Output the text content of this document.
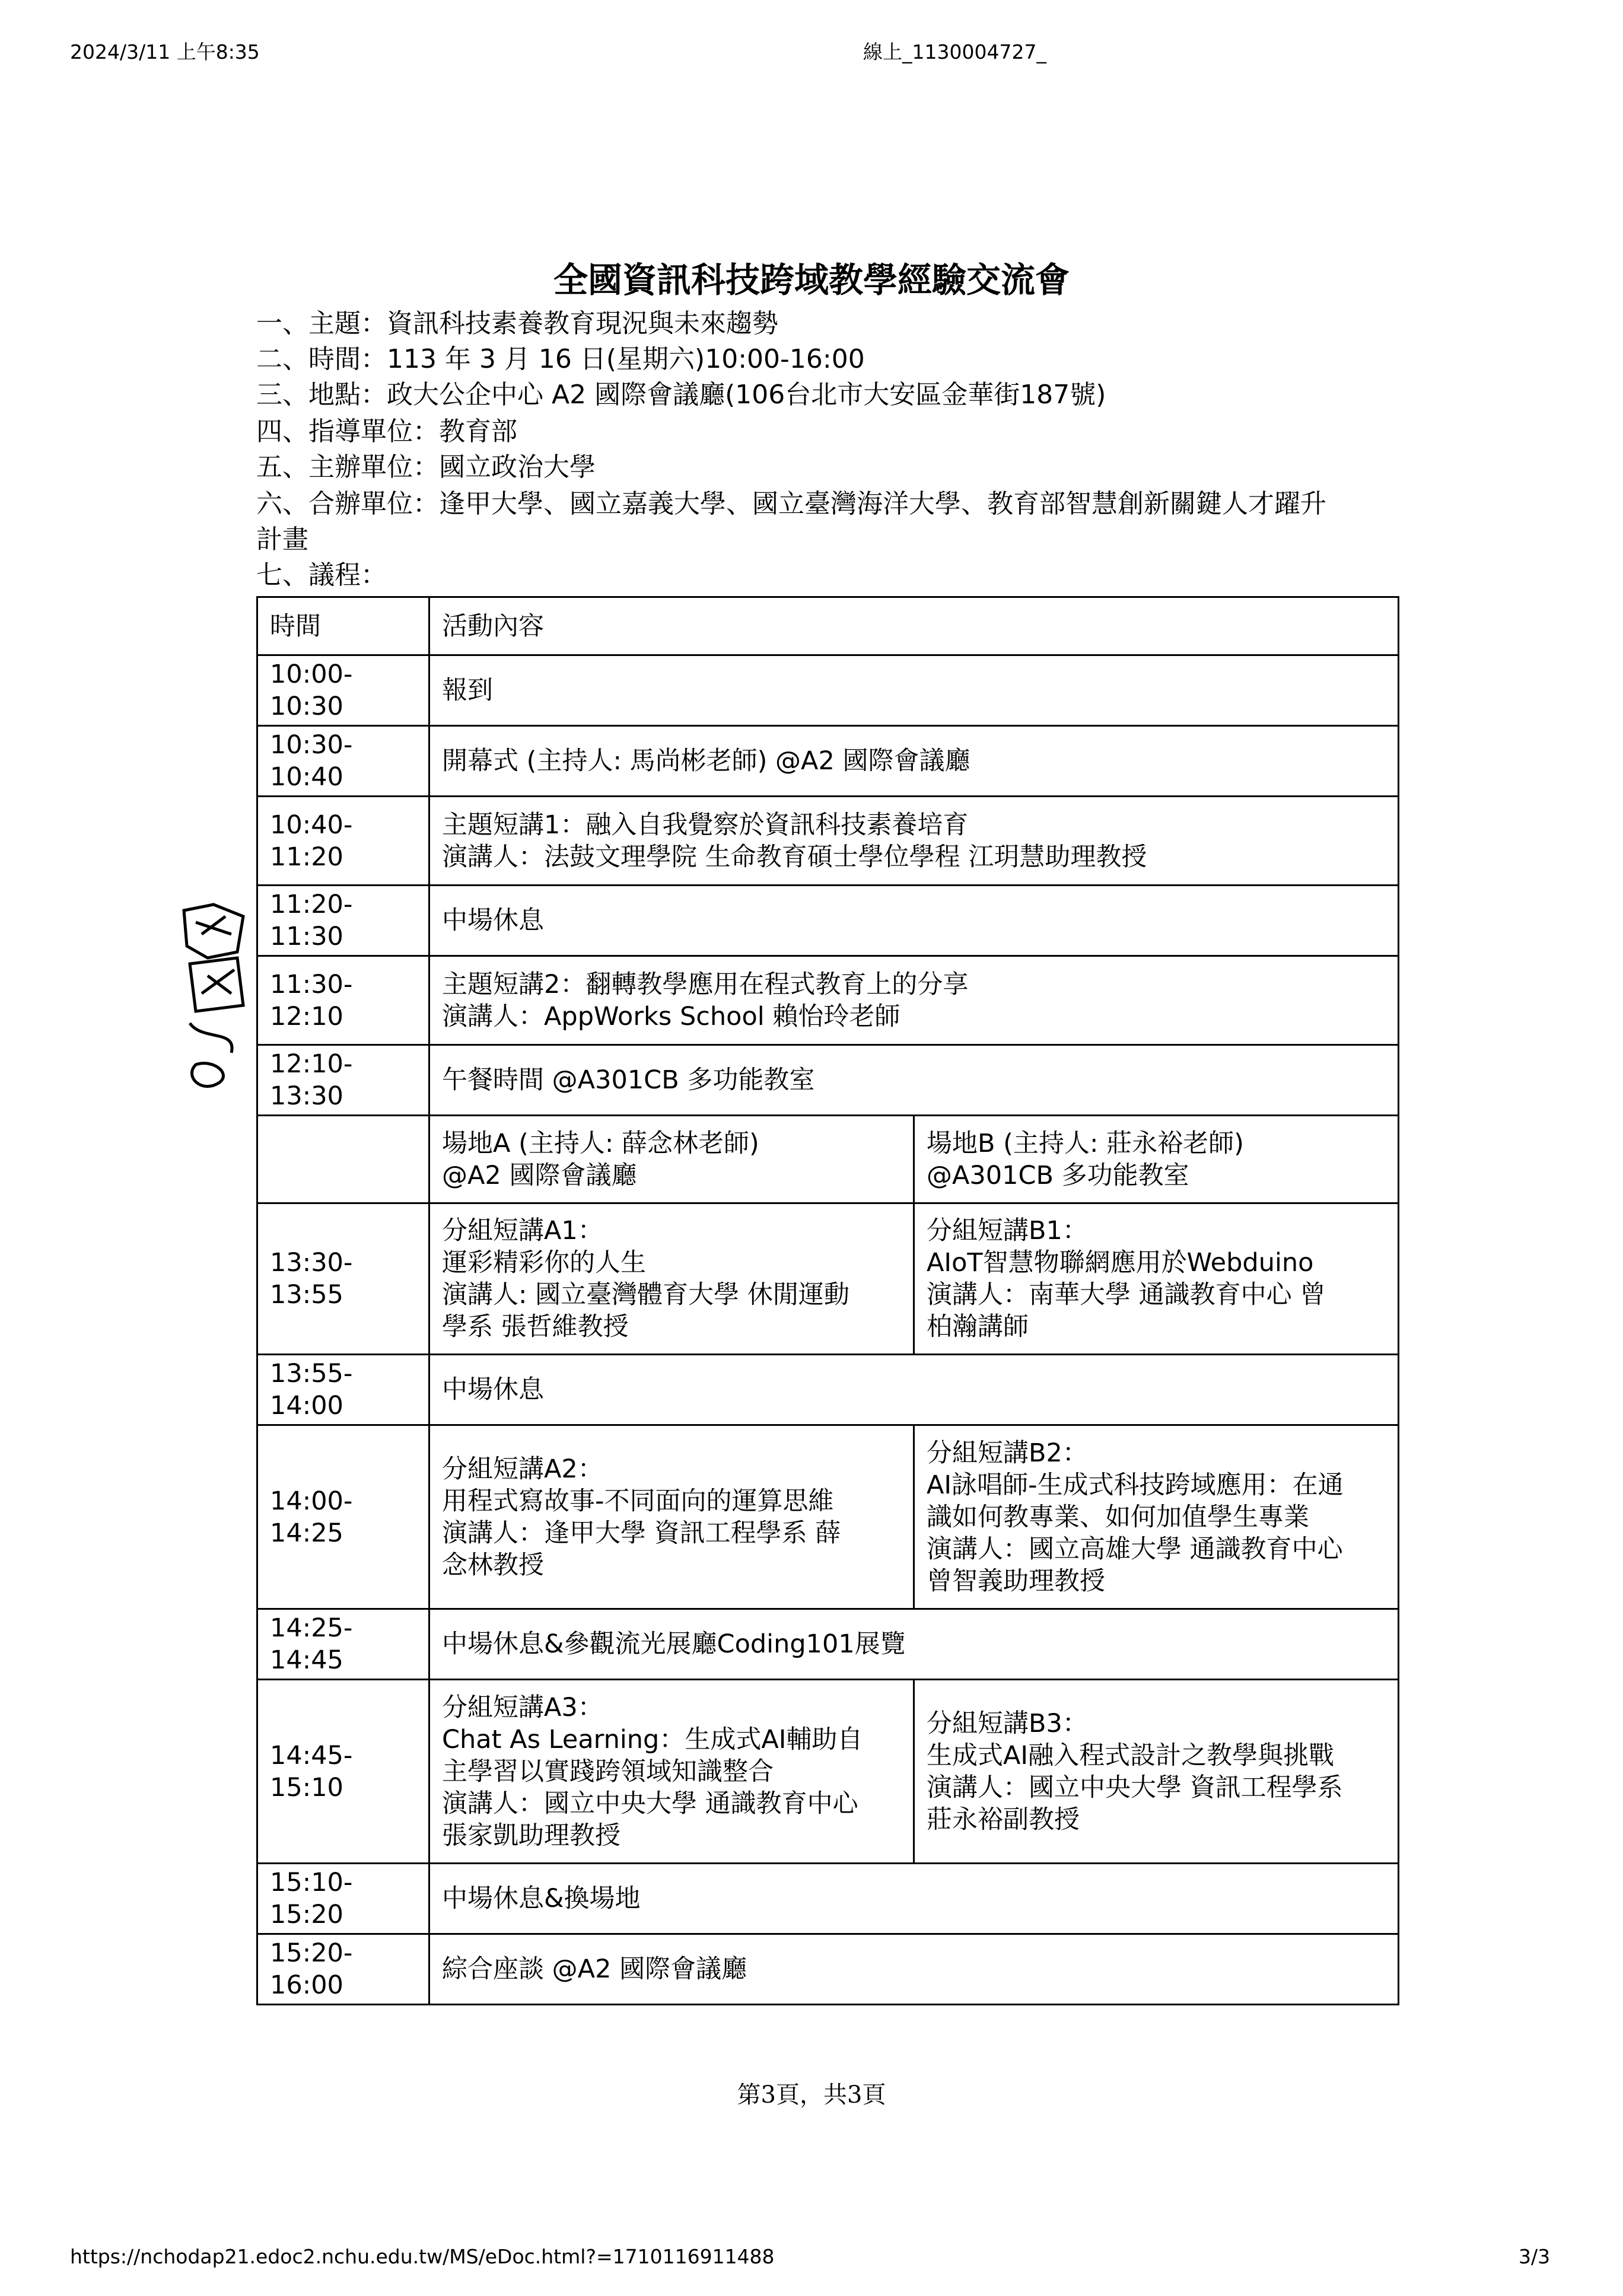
2024/3/11 上午8:35	線上_1130004727_
全國資訊科技跨域教學經驗交流會
一、主題：資訊科技素養教育現況與未來趨勢
二、時間：113 年 3 月 16 日(星期六)10:00-16:00
三、地點：政大公企中心 A2 國際會議廳(106台北市大安區金華街187號)
四、指導單位：教育部
五、主辦單位：國立政治大學
六、合辦單位：逢甲大學、國立嘉義大學、國立臺灣海洋大學、教育部智慧創新關鍵人才躍升
計畫
七、議程：
時間	活動內容	
10:00-10:30	報到	

10:30-10:40	開幕式 (主持人: 馬尚彬老師) @A2 國際會議廳	

10:40-11:20	主題短講1：融入自我覺察於資訊科技素養培育
演講人：法鼓文理學院 生命教育碩士學位學程 江玥慧助理教授	

11:20-11:30	中場休息	

11:30-12:10	主題短講2：翻轉教學應用在程式教育上的分享
演講人：AppWorks School 賴怡玲老師	

12:10-13:30	午餐時間 @A301CB 多功能教室	

	場地A (主持人: 薛念林老師)
@A2 國際會議廳	場地B (主持人: 莊永裕老師)
@A301CB 多功能教室

13:30-13:55	分組短講A1：
運彩精彩你的人生
演講人: 國立臺灣體育大學 休閒運動
學系 張哲維教授	分組短講B1：
AIoT智慧物聯網應用於Webduino
演講人：南華大學 通識教育中心 曾
柏瀚講師

13:55-14:00	中場休息	

14:00-14:25	分組短講A2：
用程式寫故事-不同面向的運算思維
演講人：逢甲大學 資訊工程學系 薛
念林教授	分組短講B2：
AI詠唱師-生成式科技跨域應用：在通
識如何教專業、如何加值學生專業
演講人：國立高雄大學 通識教育中心
曾智義助理教授

14:25-14:45	中場休息&參觀流光展廳Coding101展覽	

14:45-15:10	分組短講A3：
Chat As Learning：生成式AI輔助自
主學習以實踐跨領域知識整合
演講人：國立中央大學 通識教育中心
張家凱助理教授	分組短講B3：
生成式AI融入程式設計之教學與挑戰
演講人：國立中央大學 資訊工程學系
莊永裕副教授

15:10-15:20	中場休息&換場地	

15:20-16:00	綜合座談 @A2 國際會議廳	
第3頁，共3頁
https://nchodap21.edoc2.nchu.edu.tw/MS/eDoc.html?=1710116911488	3/3
